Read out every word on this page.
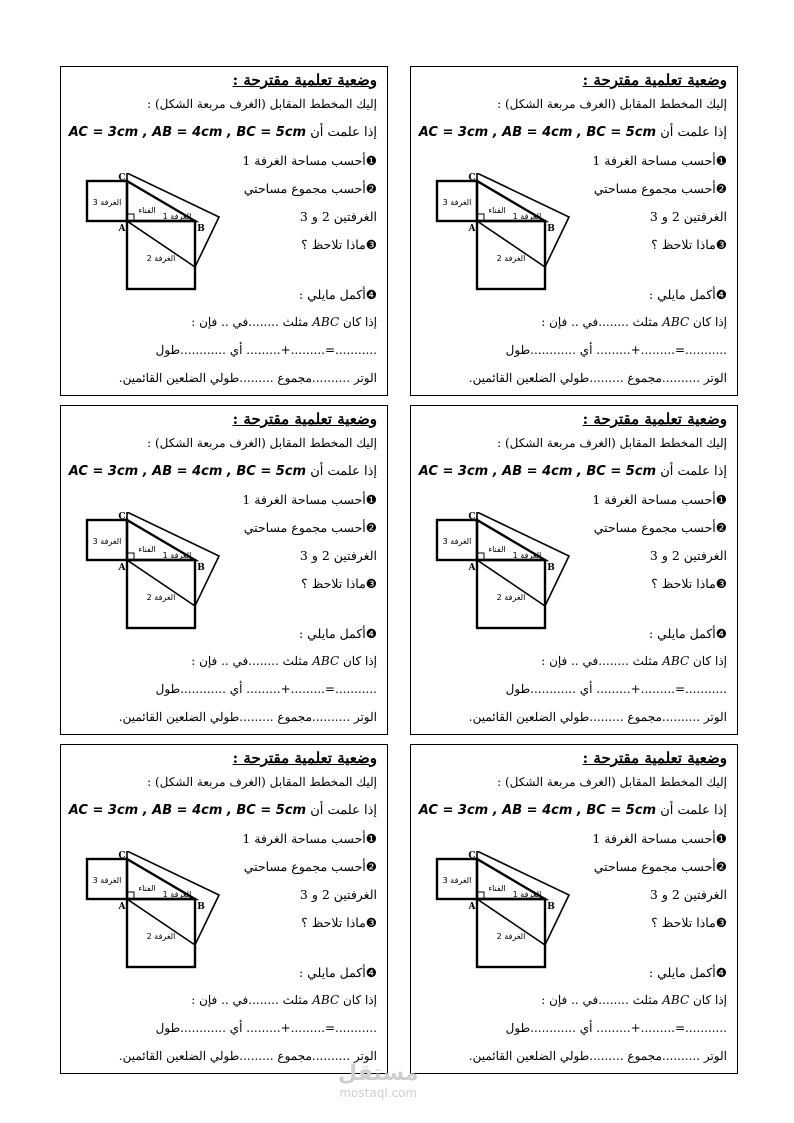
وضعية تعلمية مقترحة :
إليك المخطط المقابل (الغرف مربعة الشكل) :
إذا علمت أن AC = 3cm , AB = 4cm , BC = 5cm
❶أحسب مساحة الغرفة 1
❷أحسب مجموع مساحتي
الغرفتين 2 و 3
❸ماذا تلاحظ ؟
❹أكمل مايلي :
إذا كان ABC مثلث ........في .. فإن :
...........=.........+......... أي ............طول
الوتر ..........مجموع .........طولي الضلعين القائمين.
الغرفة 1
الغرفة 2
الغرفة 3
الفناء
A	B
C
وضعية تعلمية مقترحة :
إليك المخطط المقابل (الغرف مربعة الشكل) :
إذا علمت أن AC = 3cm , AB = 4cm , BC = 5cm
❶أحسب مساحة الغرفة 1
❷أحسب مجموع مساحتي
الغرفتين 2 و 3
❸ماذا تلاحظ ؟
❹أكمل مايلي :
إذا كان ABC مثلث ........في .. فإن :
...........=.........+......... أي ............طول
الوتر ..........مجموع .........طولي الضلعين القائمين.
الغرفة 1
الغرفة 2
الغرفة 3
الفناء
A	B
C
وضعية تعلمية مقترحة :
إليك المخطط المقابل (الغرف مربعة الشكل) :
إذا علمت أن AC = 3cm , AB = 4cm , BC = 5cm
❶أحسب مساحة الغرفة 1
❷أحسب مجموع مساحتي
الغرفتين 2 و 3
❸ماذا تلاحظ ؟
❹أكمل مايلي :
إذا كان ABC مثلث ........في .. فإن :
...........=.........+......... أي ............طول
الوتر ..........مجموع .........طولي الضلعين القائمين.
الغرفة 1
الغرفة 2
الغرفة 3
الفناء
A	B
C
وضعية تعلمية مقترحة :
إليك المخطط المقابل (الغرف مربعة الشكل) :
إذا علمت أن AC = 3cm , AB = 4cm , BC = 5cm
❶أحسب مساحة الغرفة 1
❷أحسب مجموع مساحتي
الغرفتين 2 و 3
❸ماذا تلاحظ ؟
❹أكمل مايلي :
إذا كان ABC مثلث ........في .. فإن :
...........=.........+......... أي ............طول
الوتر ..........مجموع .........طولي الضلعين القائمين.
الغرفة 1
الغرفة 2
الغرفة 3
الفناء
A	B
C
وضعية تعلمية مقترحة :
إليك المخطط المقابل (الغرف مربعة الشكل) :
إذا علمت أن AC = 3cm , AB = 4cm , BC = 5cm
❶أحسب مساحة الغرفة 1
❷أحسب مجموع مساحتي
الغرفتين 2 و 3
❸ماذا تلاحظ ؟
❹أكمل مايلي :
إذا كان ABC مثلث ........في .. فإن :
...........=.........+......... أي ............طول
الوتر ..........مجموع .........طولي الضلعين القائمين.
الغرفة 1
الغرفة 2
الغرفة 3
الفناء
A	B
C
وضعية تعلمية مقترحة :
إليك المخطط المقابل (الغرف مربعة الشكل) :
إذا علمت أن AC = 3cm , AB = 4cm , BC = 5cm
❶أحسب مساحة الغرفة 1
❷أحسب مجموع مساحتي
الغرفتين 2 و 3
❸ماذا تلاحظ ؟
❹أكمل مايلي :
إذا كان ABC مثلث ........في .. فإن :
...........=.........+......... أي ............طول
الوتر ..........مجموع .........طولي الضلعين القائمين.
الغرفة 1
الغرفة 2
الغرفة 3
الفناء
A	B
C
مستقل
mostaql.com
